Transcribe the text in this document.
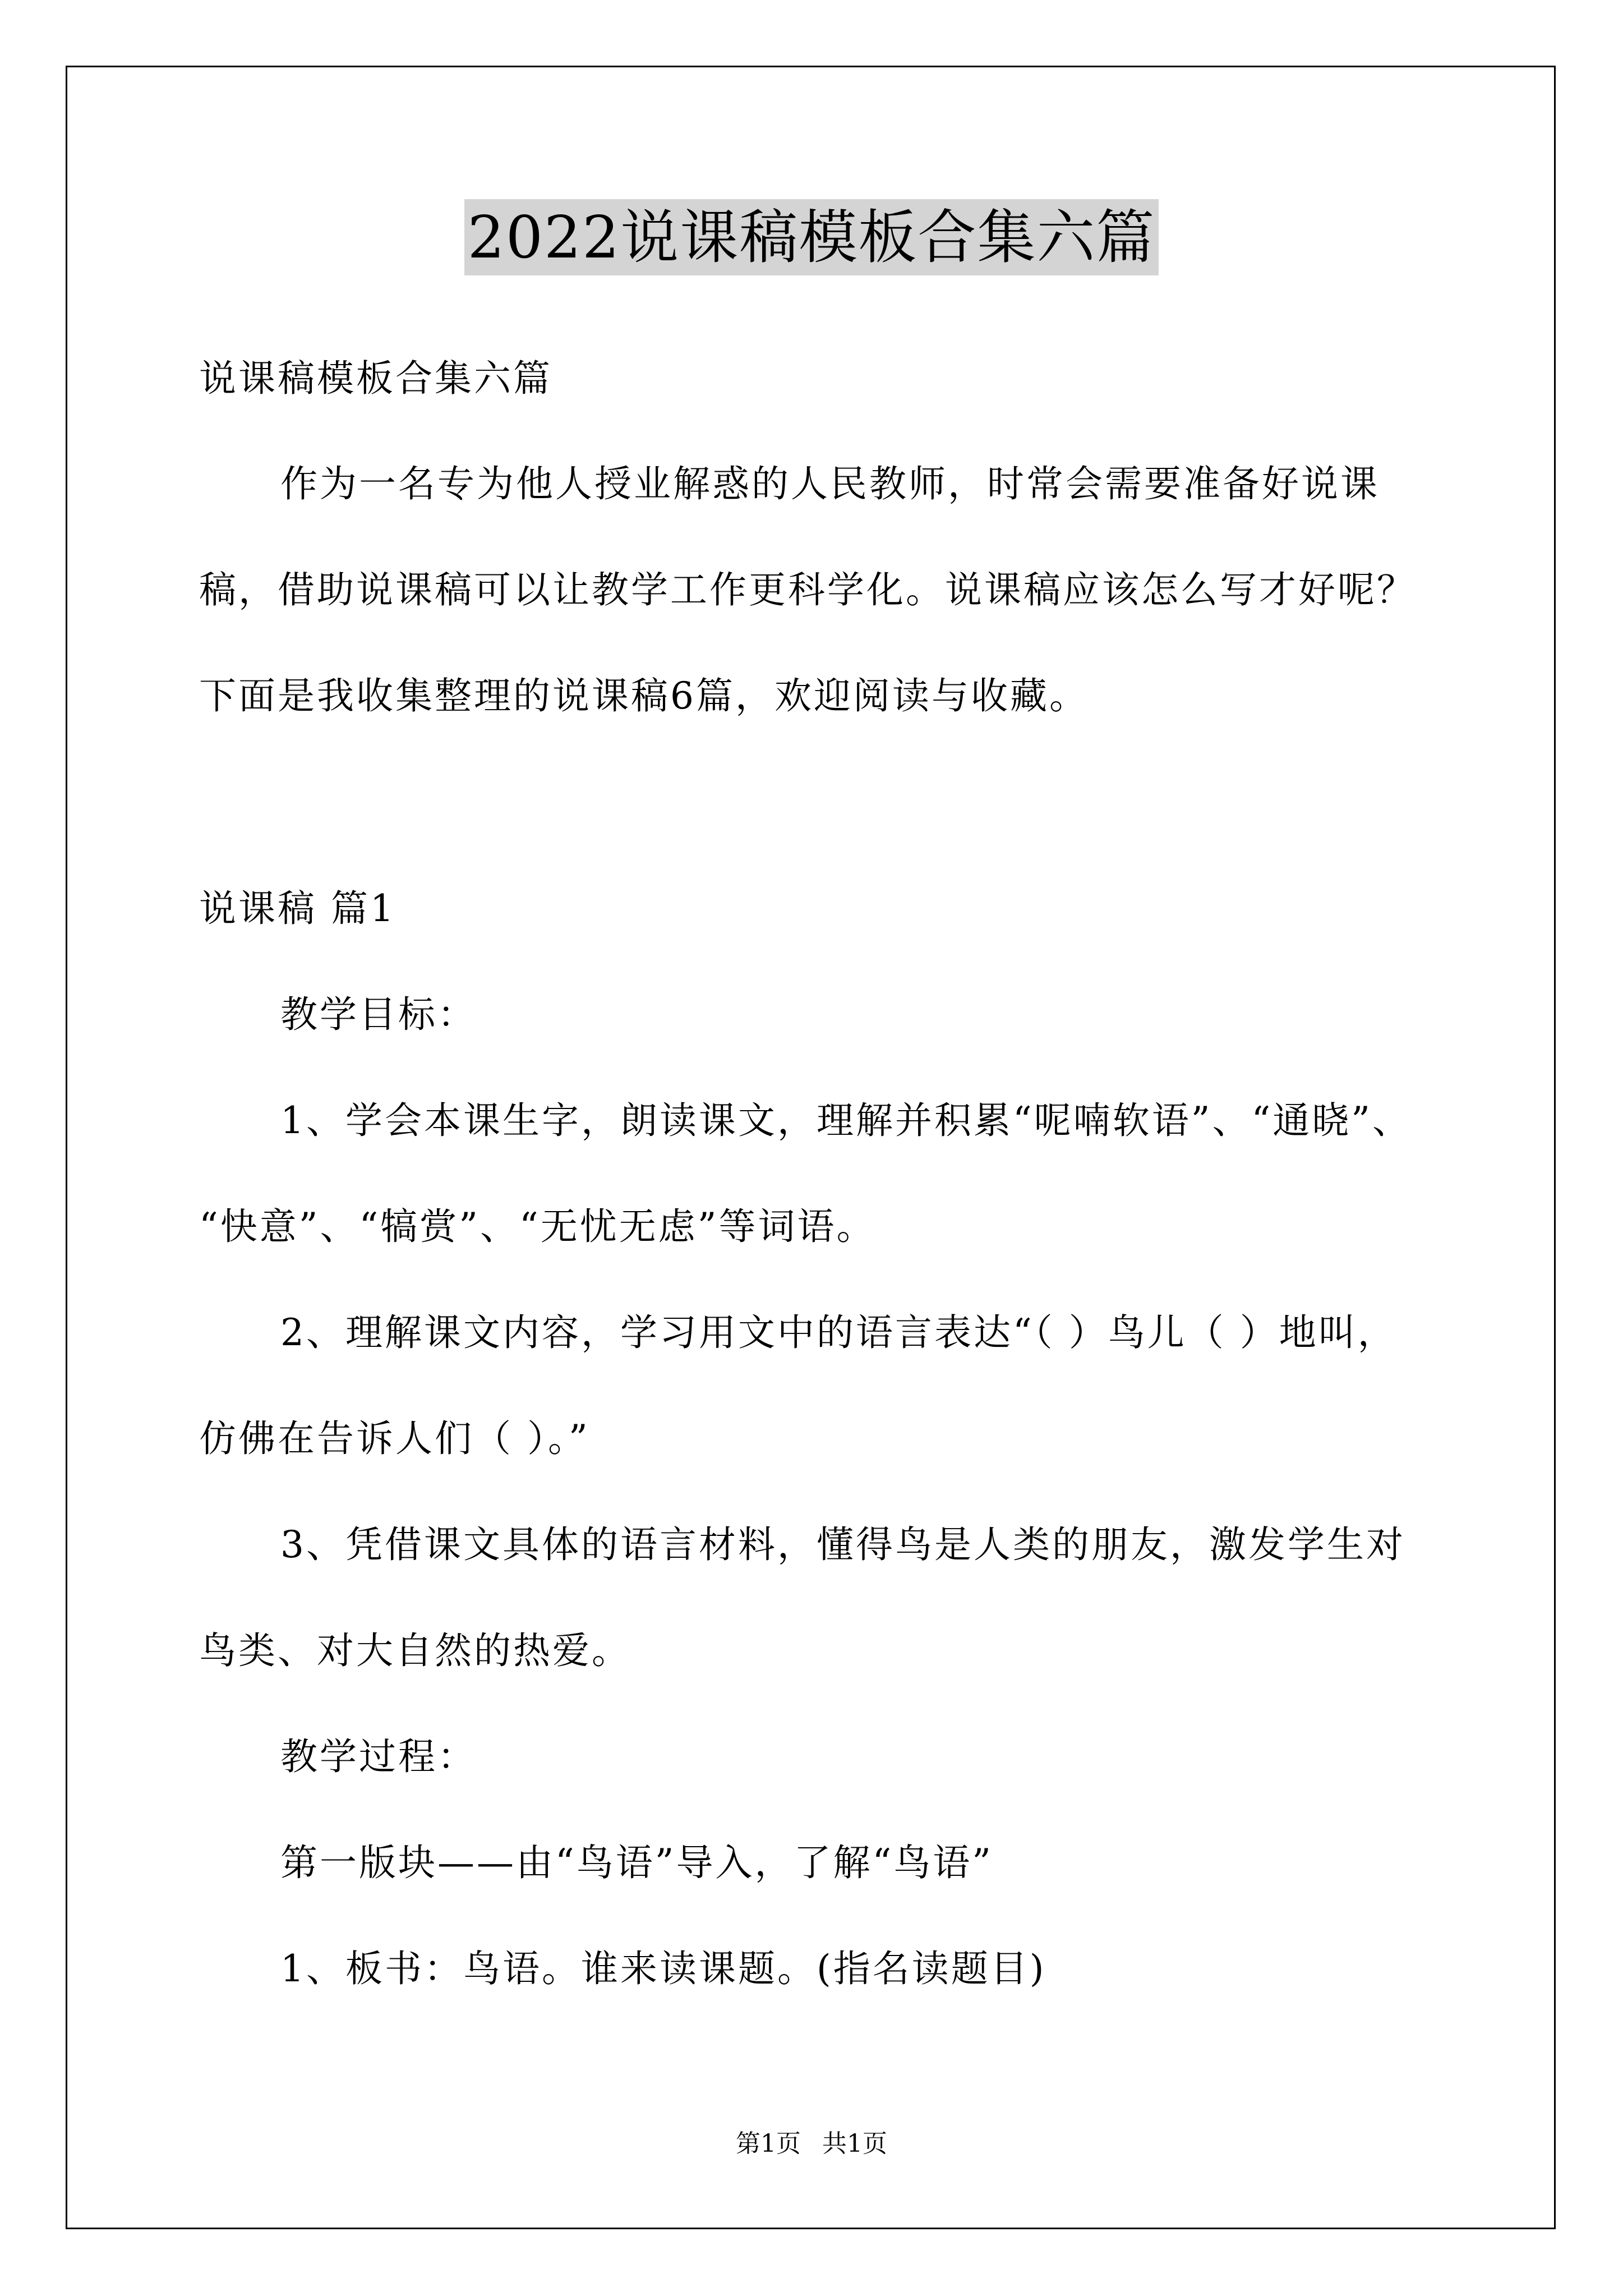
2022说课稿模板合集六篇
说课稿模板合集六篇
作为一名专为他人授业解惑的人民教师，时常会需要准备好说课
稿，借助说课稿可以让教学工作更科学化。说课稿应该怎么写才好呢？
下面是我收集整理的说课稿6篇，欢迎阅读与收藏。
说课稿 篇1
教学目标：
1、学会本课生字，朗读课文，理解并积累“呢喃软语”、“通晓”、
“快意”、“犒赏”、“无忧无虑”等词语。
2、理解课文内容，学习用文中的语言表达“（ ）鸟儿（ ）地叫，
仿佛在告诉人们（ ）。”
3、凭借课文具体的语言材料，懂得鸟是人类的朋友，激发学生对
鸟类、对大自然的热爱。
教学过程：
第一版块——由“鸟语”导入，了解“鸟语”
1、板书：鸟语。谁来读课题。(指名读题目)
第1页 共1页
